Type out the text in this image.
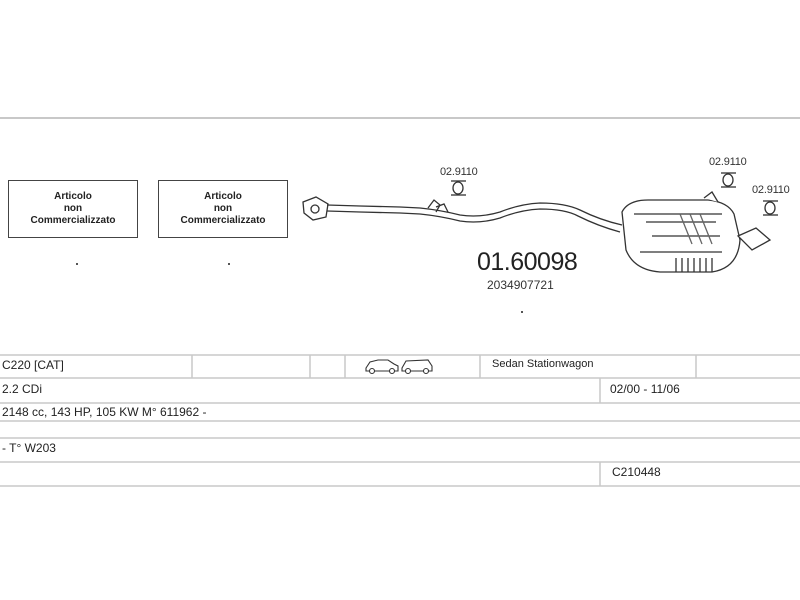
Articolo
non
Commercializzato
Articolo
non
Commercializzato
02.9110
02.9110
02.9110
01.60098
2034907721
C220 [CAT]	Sedan Stationwagon
2.2 CDi	02/00 - 11/06
2148 cc, 143 HP, 105 KW M° 611962 -
- T° W203
C210448
